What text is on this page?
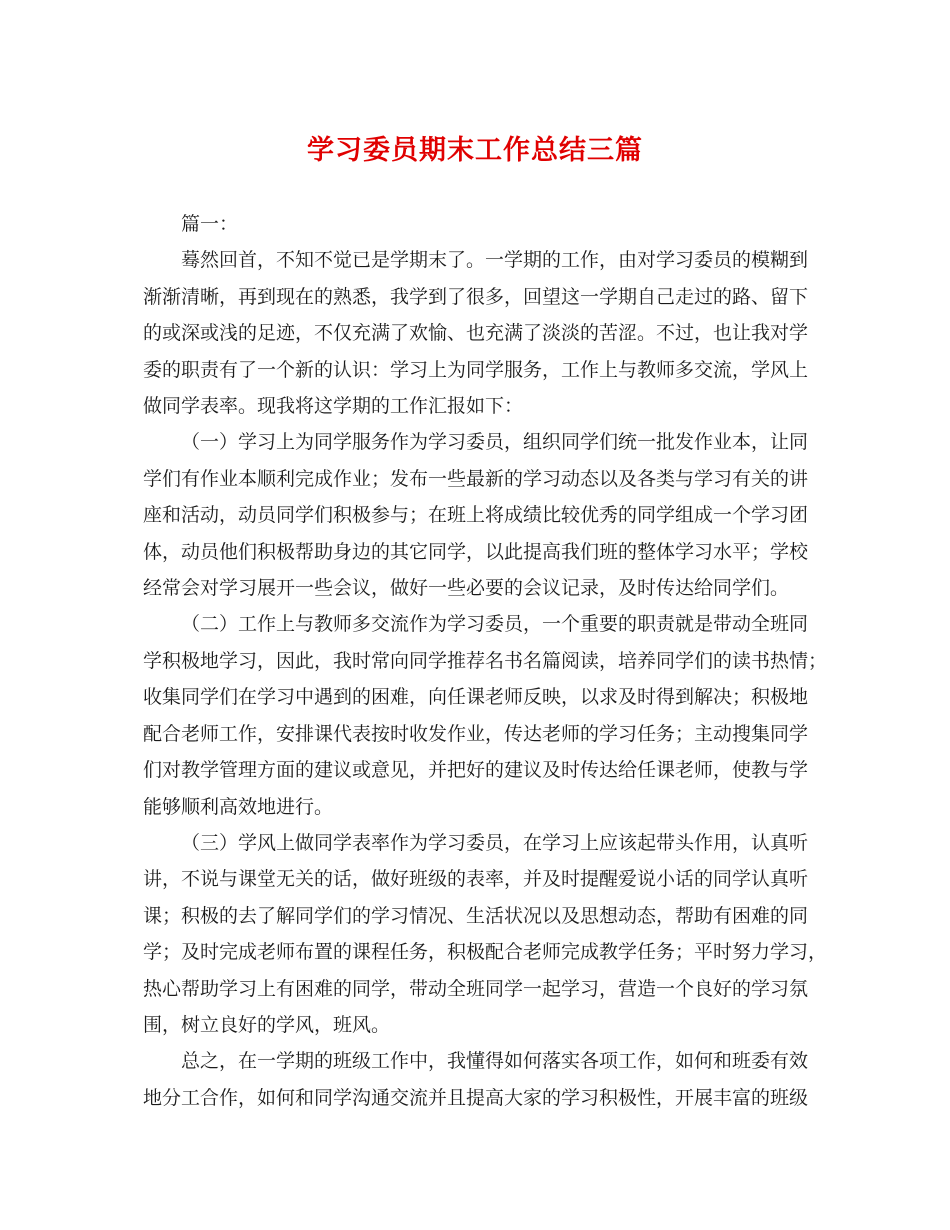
学习委员期末工作总结三篇
篇一：
蓦然回首，不知不觉已是学期末了。一学期的工作，由对学习委员的模糊到
渐渐清晰，再到现在的熟悉，我学到了很多，回望这一学期自己走过的路、留下
的或深或浅的足迹，不仅充满了欢愉、也充满了淡淡的苦涩。不过，也让我对学
委的职责有了一个新的认识：学习上为同学服务，工作上与教师多交流，学风上
做同学表率。现我将这学期的工作汇报如下：
（一）学习上为同学服务作为学习委员，组织同学们统一批发作业本，让同
学们有作业本顺利完成作业；发布一些最新的学习动态以及各类与学习有关的讲
座和活动，动员同学们积极参与；在班上将成绩比较优秀的同学组成一个学习团
体，动员他们积极帮助身边的其它同学，以此提高我们班的整体学习水平；学校
经常会对学习展开一些会议，做好一些必要的会议记录，及时传达给同学们。
（二）工作上与教师多交流作为学习委员，一个重要的职责就是带动全班同
学积极地学习，因此，我时常向同学推荐名书名篇阅读，培养同学们的读书热情；
收集同学们在学习中遇到的困难，向任课老师反映，以求及时得到解决；积极地
配合老师工作，安排课代表按时收发作业，传达老师的学习任务；主动搜集同学
们对教学管理方面的建议或意见，并把好的建议及时传达给任课老师，使教与学
能够顺利高效地进行。
（三）学风上做同学表率作为学习委员，在学习上应该起带头作用，认真听
讲，不说与课堂无关的话，做好班级的表率，并及时提醒爱说小话的同学认真听
课；积极的去了解同学们的学习情况、生活状况以及思想动态，帮助有困难的同
学；及时完成老师布置的课程任务，积极配合老师完成教学任务；平时努力学习，
热心帮助学习上有困难的同学，带动全班同学一起学习，营造一个良好的学习氛
围，树立良好的学风，班风。
总之，在一学期的班级工作中，我懂得如何落实各项工作，如何和班委有效
地分工合作，如何和同学沟通交流并且提高大家的学习积极性，开展丰富的班级
